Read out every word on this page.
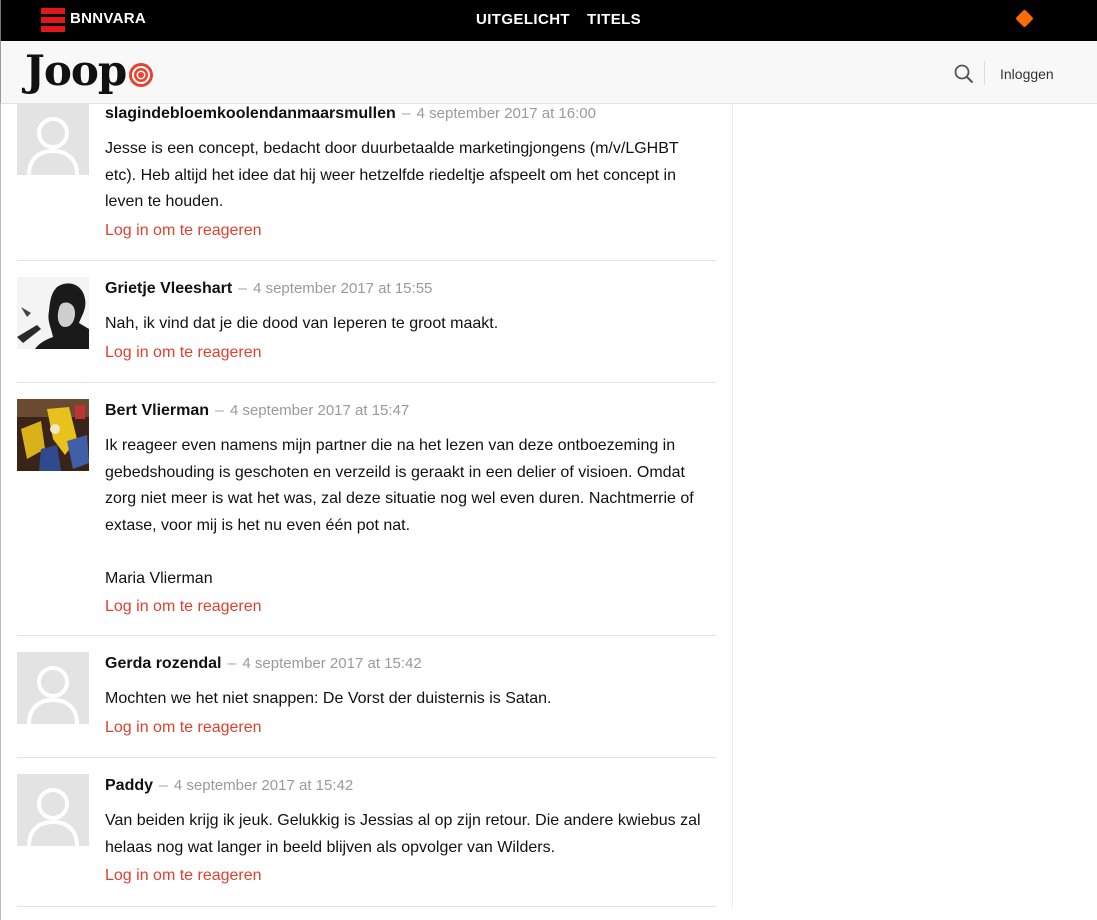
BNNVARA	UITGELICHT TITELS
Joop	Inloggen
slagindebloemkoolendanmaarsmullen – 4 september 2017 at 16:00
Jesse is een concept, bedacht door duurbetaalde marketingjongens (m/v/LGHBT
etc). Heb altijd het idee dat hij weer hetzelfde riedeltje afspeelt om het concept in
leven te houden.
Log in om te reageren
Grietje Vleeshart – 4 september 2017 at 15:55
Nah, ik vind dat je die dood van Ieperen te groot maakt.
Log in om te reageren
Bert Vlierman – 4 september 2017 at 15:47
Ik reageer even namens mijn partner die na het lezen van deze ontboezeming in
gebedshouding is geschoten en verzeild is geraakt in een delier of visioen. Omdat
zorg niet meer is wat het was, zal deze situatie nog wel even duren. Nachtmerrie of
extase, voor mij is het nu even één pot nat.

Maria Vlierman
Log in om te reageren
Gerda rozendal – 4 september 2017 at 15:42
Mochten we het niet snappen: De Vorst der duisternis is Satan.
Log in om te reageren
Paddy – 4 september 2017 at 15:42
Van beiden krijg ik jeuk. Gelukkig is Jessias al op zijn retour. Die andere kwiebus zal
helaas nog wat langer in beeld blijven als opvolger van Wilders.
Log in om te reageren
